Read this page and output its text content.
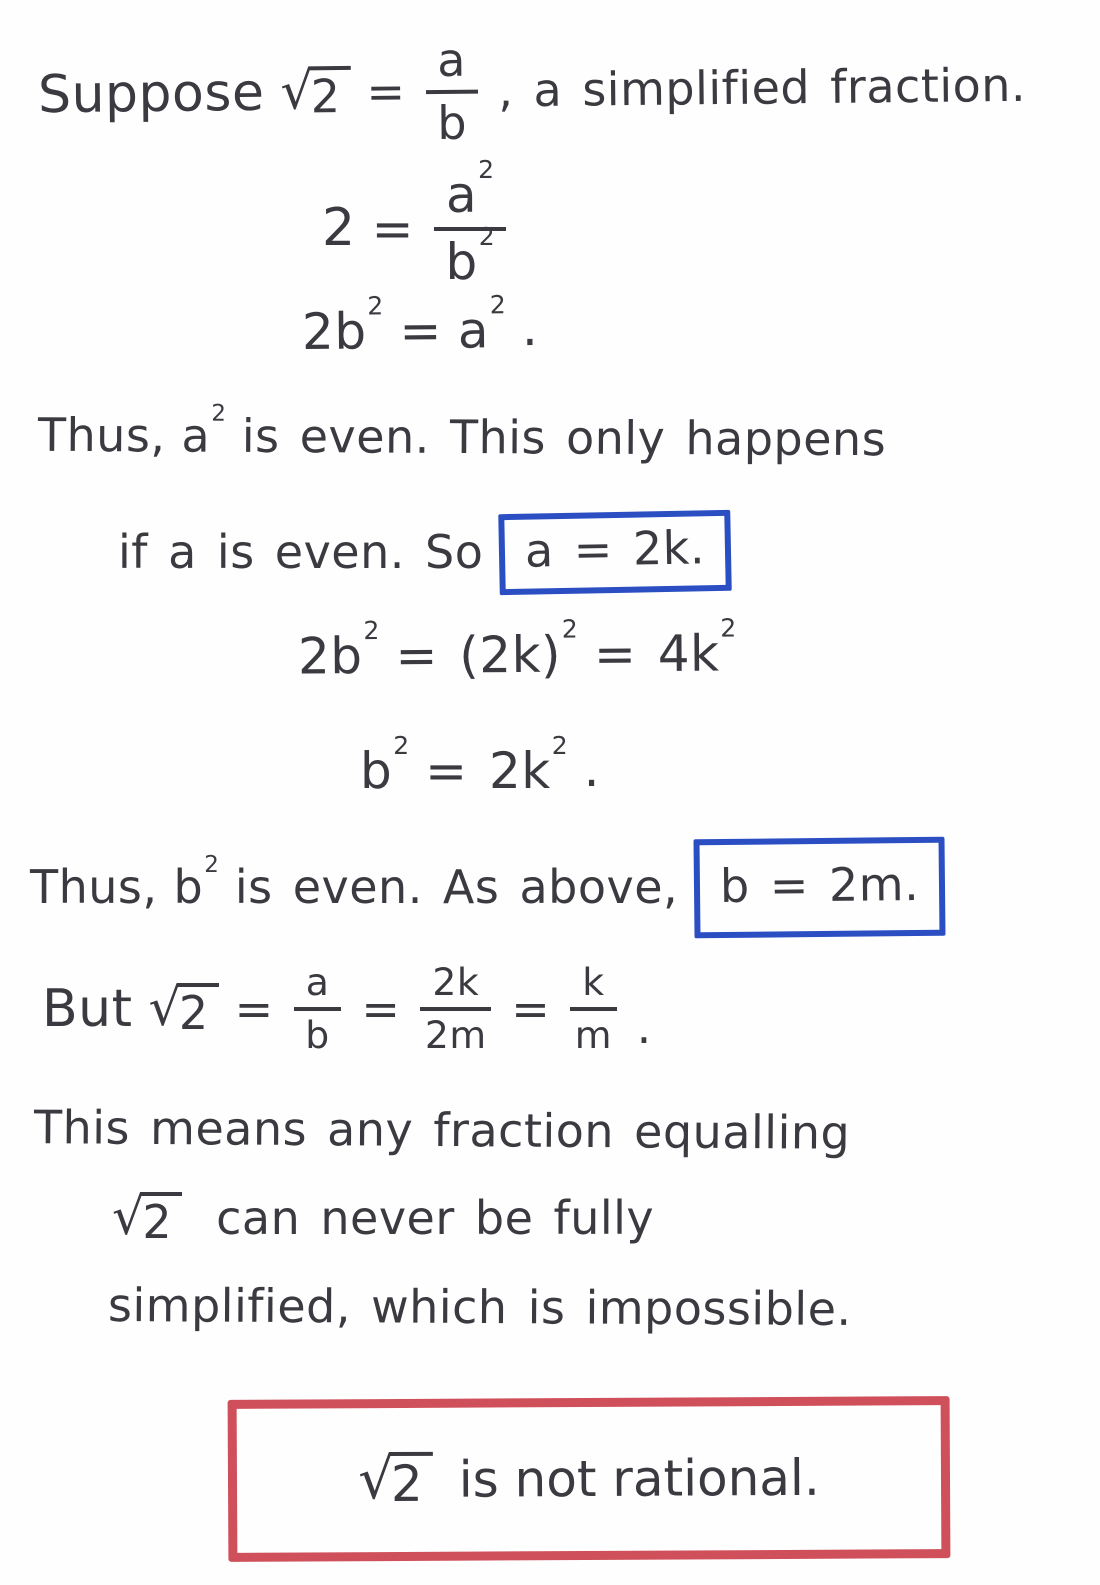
Suppose √
$2 = \frac{a}{b}$ , a simplified fraction.
$2 = \frac{a^2}{b^2}$
$2b^2 = a^2$ .
Thus, $a^2$ is even. This only happens
if a is even. So a = 2k.
$2b^2 = (2k)^2 = 4k^2$
$b^2 = 2k^2$ .
Thus, $b^2$ is even. As above, b = 2m.
But √
$2 = \frac{a}{b} = \frac{2k}{2m} = \frac{k}{m}$ .
This means any fraction equalling
√
2 can never be fully
simplified, which is impossible.
√
2 is not rational.
